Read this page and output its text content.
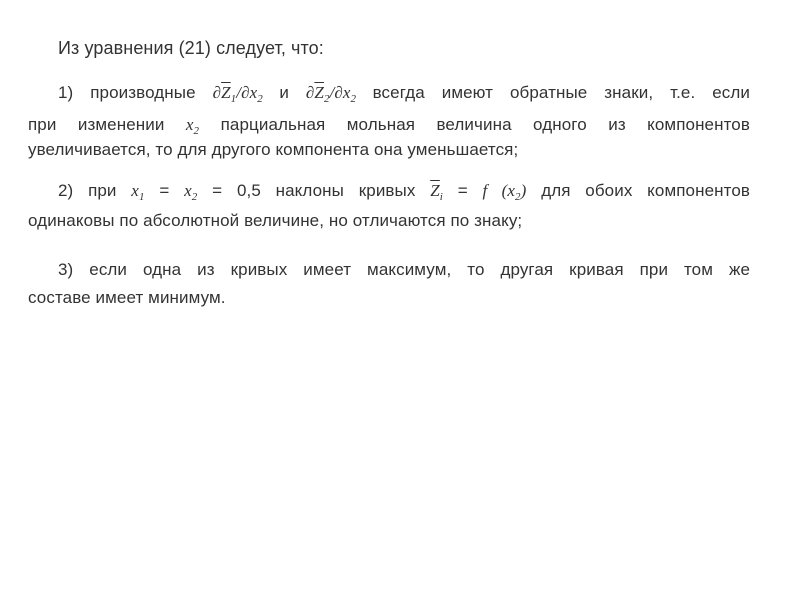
Из уравнения (21) следует, что:
1) производные $\partial\overline{Z}_1/\partial x_2$ и $\partial\overline{Z}_2/\partial x_2$ всегда имеют обратные знаки, т.е. если
при изменении $x_2$ парциальная мольная величина одного из компонентов
увеличивается, то для другого компонента она уменьшается;
2) при $x_1 = x_2 = 0,5$ наклоны кривых $\overline{Z}_i = f$ $(x_2)$ для обоих компонентов
одинаковы по абсолютной величине, но отличаются по знаку;
3) если одна из кривых имеет максимум, то другая кривая при том же
составе имеет минимум.
